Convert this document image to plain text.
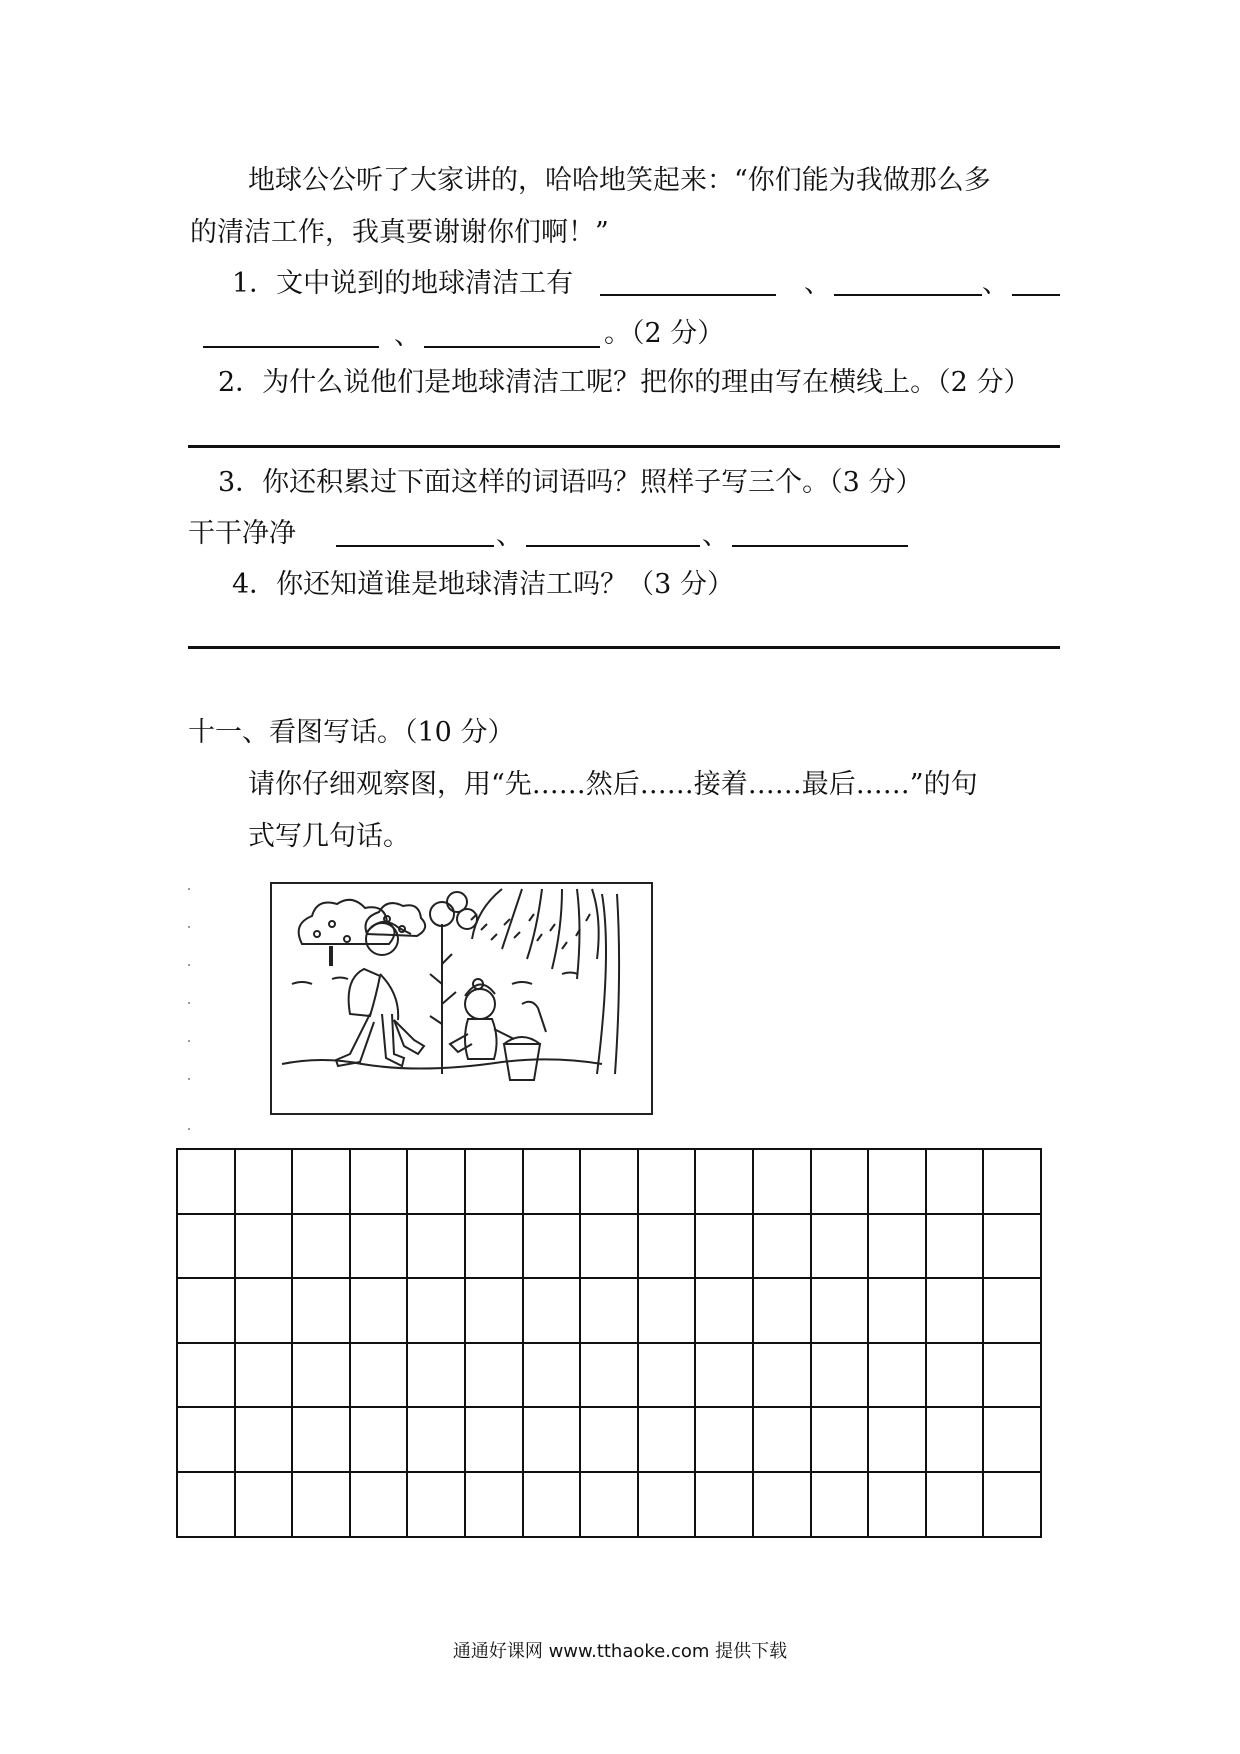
地球公公听了大家讲的，哈哈地笑起来：“你们能为我做那么多
的清洁工作，我真要谢谢你们啊！”
1．文中说到的地球清洁工有	、	、
、	。（2 分）
2．为什么说他们是地球清洁工呢？把你的理由写在横线上。（2 分）
3．你还积累过下面这样的词语吗？照样子写三个。（3 分）
干干净净	、	、
4．你还知道谁是地球清洁工吗？（3 分）
十一、看图写话。（10 分）
请你仔细观察图，用“先……然后……接着……最后……”的句
式写几句话。

通通好课网 www.tthaoke.com 提供下载
